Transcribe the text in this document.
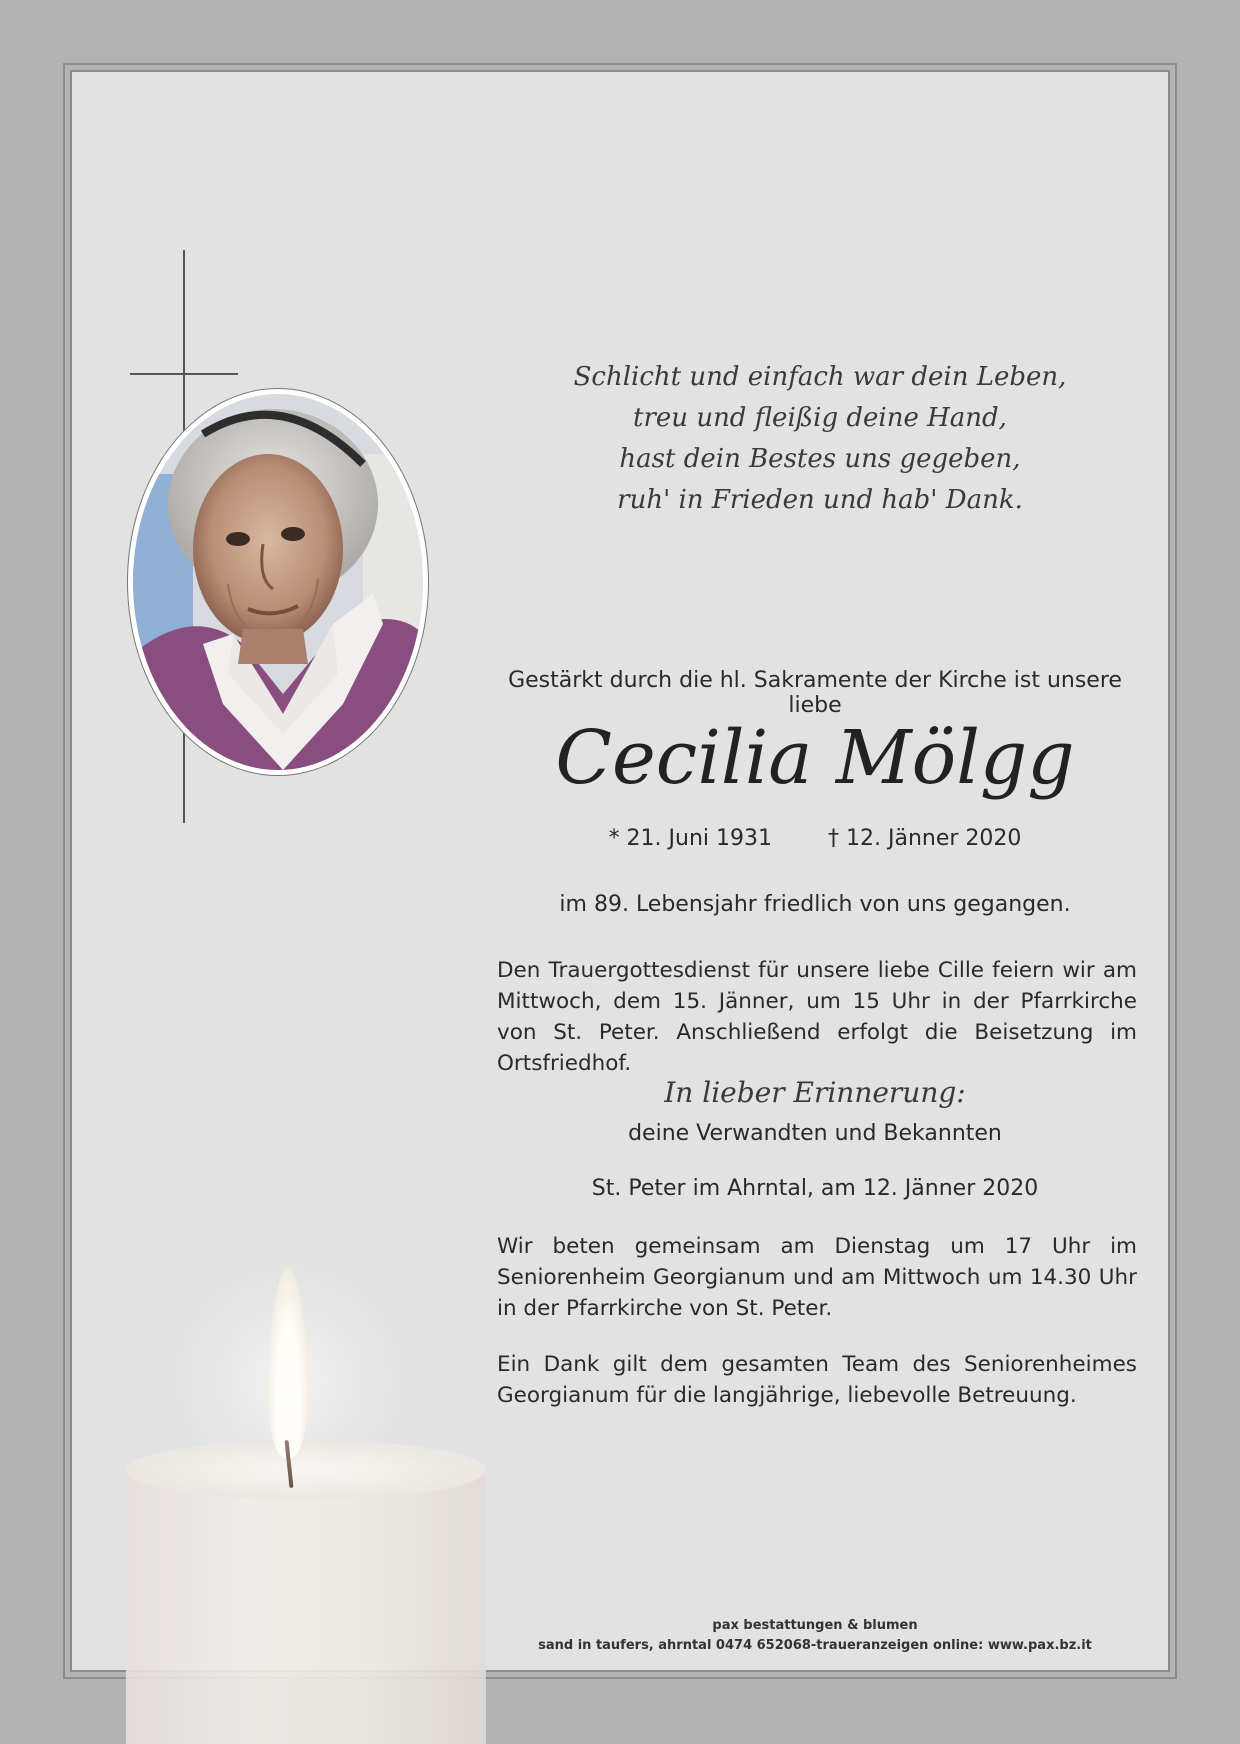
Schlicht und einfach war dein Leben,
treu und fleißig deine Hand,
hast dein Bestes uns gegeben,
ruh' in Frieden und hab' Dank.
Gestärkt durch die hl. Sakramente der Kirche ist unsere liebe
Cecilia Mölgg
* 21. Juni 1931	† 12. Jänner 2020
im 89. Lebensjahr friedlich von uns gegangen.
Den Trauergottesdienst für unsere liebe Cille feiern wir am Mittwoch, dem 15. Jänner, um 15 Uhr in der Pfarrkirche von St. Peter. Anschließend erfolgt die Beisetzung im Ortsfriedhof.
In lieber Erinnerung:
deine Verwandten und Bekannten
St. Peter im Ahrntal, am 12. Jänner 2020
Wir beten gemeinsam am Dienstag um 17 Uhr im Seniorenheim Georgianum und am Mittwoch um 14.30 Uhr in der Pfarrkirche von St. Peter.
Ein Dank gilt dem gesamten Team des Seniorenheimes Georgianum für die langjährige, liebevolle Betreuung.
pax bestattungen & blumen
sand in taufers, ahrntal 0474 652068-traueranzeigen online: www.pax.bz.it
